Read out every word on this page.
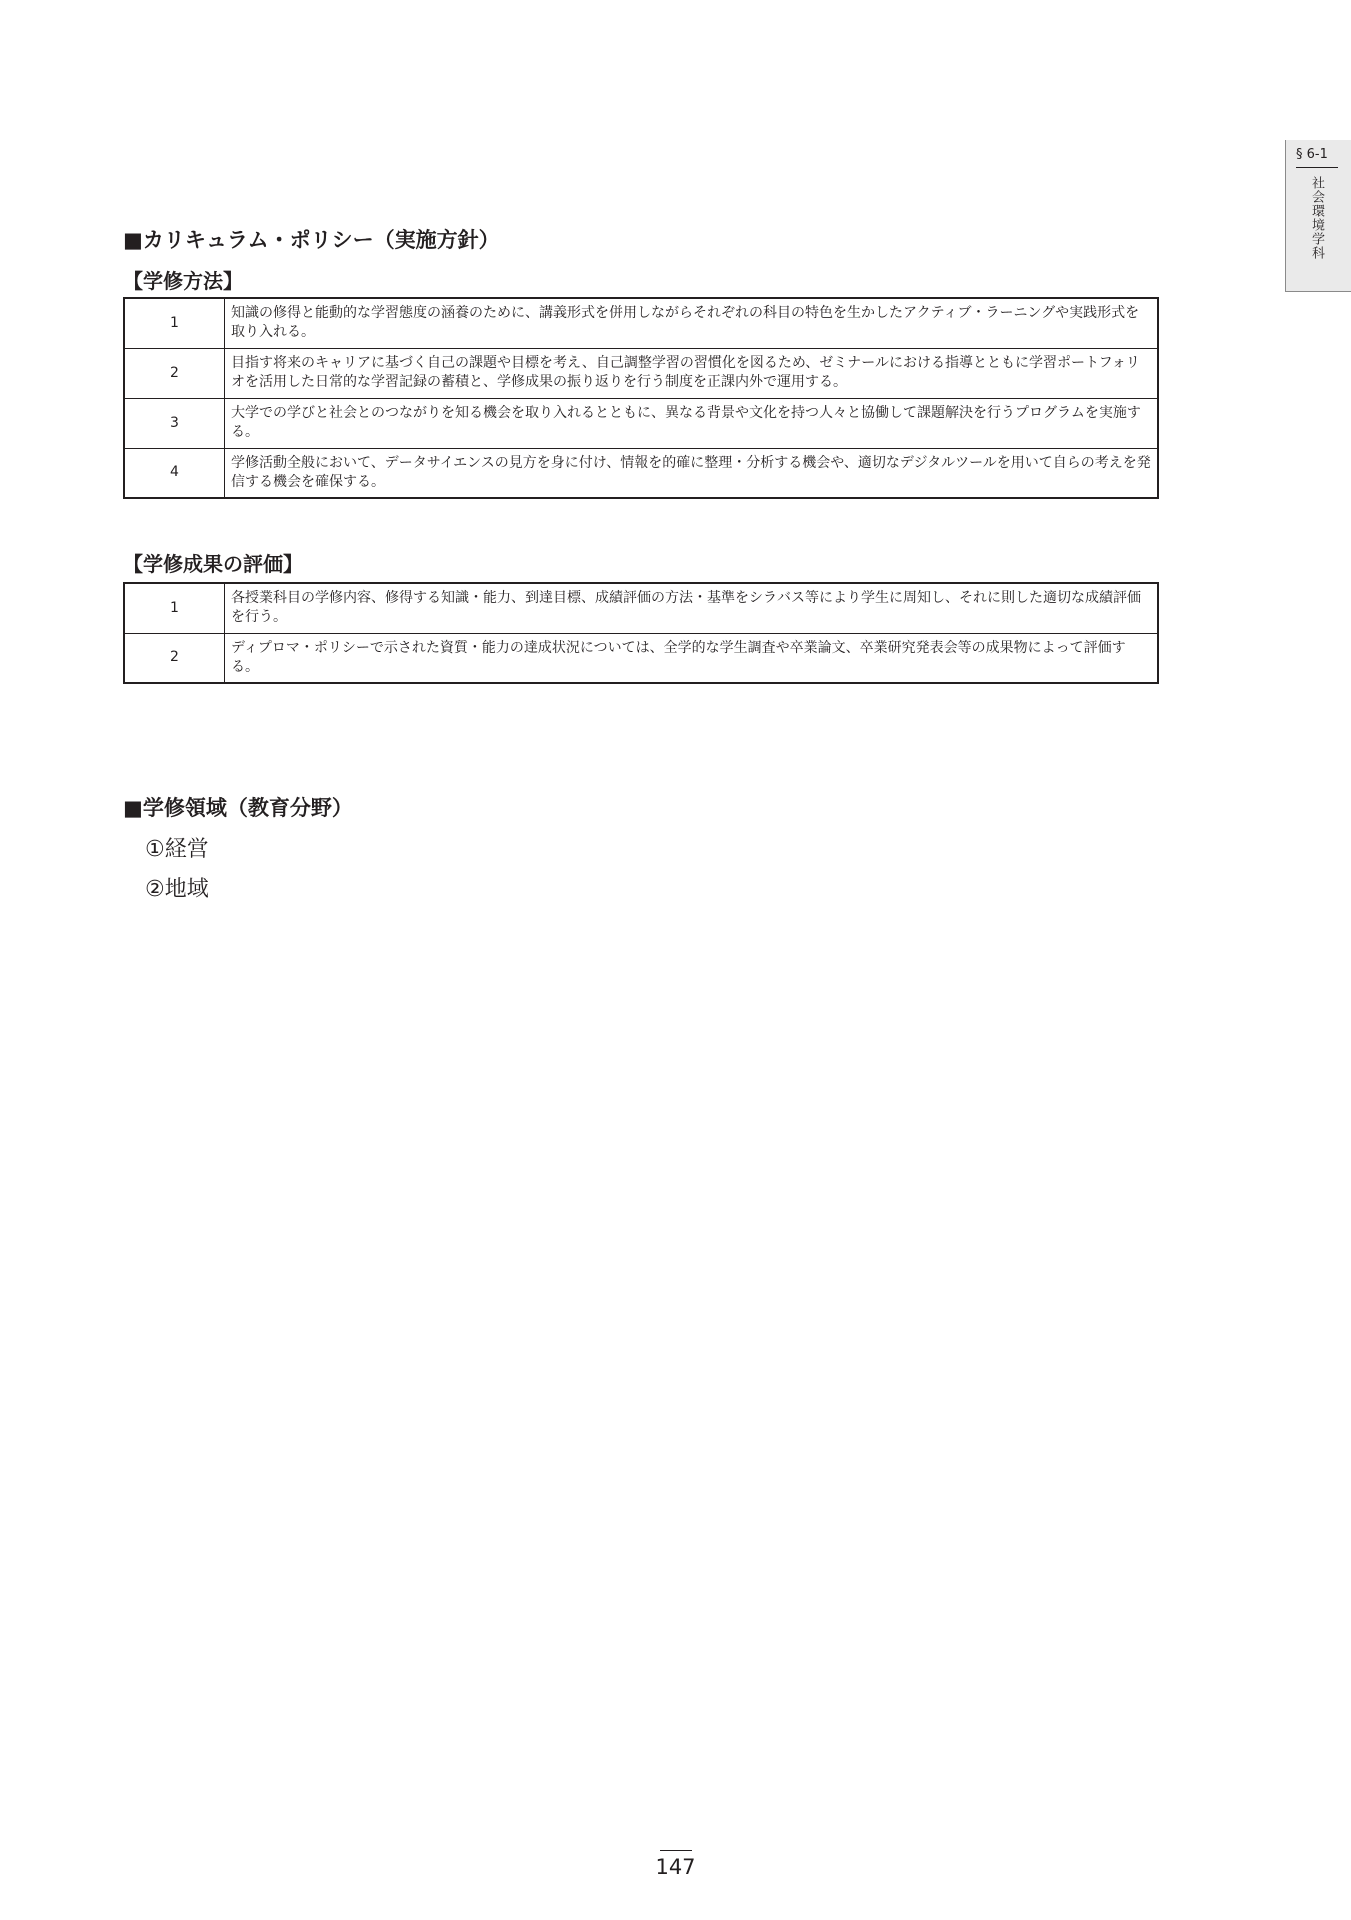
§ 6-1
社会環境学科
■カリキュラム・ポリシー（実施方針）
【学修方法】
1	知識の修得と能動的な学習態度の涵養のために、講義形式を併用しながらそれぞれの科目の特色を生かしたアクティブ・ラーニングや実践形式を取り入れる。
2	目指す将来のキャリアに基づく自己の課題や目標を考え、自己調整学習の習慣化を図るため、ゼミナールにおける指導とともに学習ポートフォリオを活用した日常的な学習記録の蓄積と、学修成果の振り返りを行う制度を正課内外で運用する。
3	大学での学びと社会とのつながりを知る機会を取り入れるとともに、異なる背景や文化を持つ人々と協働して課題解決を行うプログラムを実施する。
4	学修活動全般において、データサイエンスの見方を身に付け、情報を的確に整理・分析する機会や、適切なデジタルツールを用いて自らの考えを発信する機会を確保する。
【学修成果の評価】
1	各授業科目の学修内容、修得する知識・能力、到達目標、成績評価の方法・基準をシラバス等により学生に周知し、それに則した適切な成績評価を行う。
2	ディプロマ・ポリシーで示された資質・能力の達成状況については、全学的な学生調査や卒業論文、卒業研究発表会等の成果物によって評価する。
■学修領域（教育分野）
①経営
②地域
147
